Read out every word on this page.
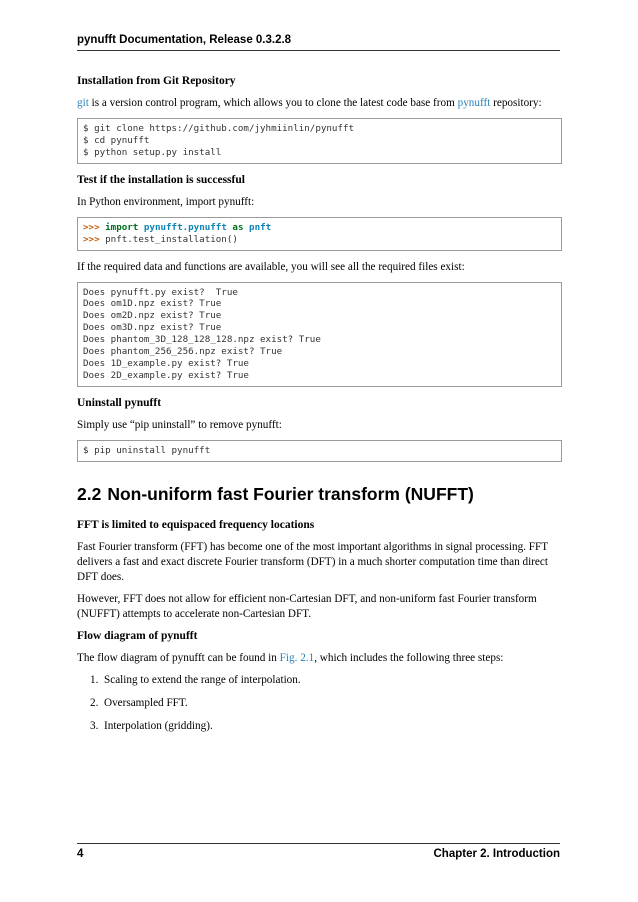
pynufft Documentation, Release 0.3.2.8
Installation from Git Repository

git is a version control program, which allows you to clone the latest code base from pynufft repository:

$ git clone https://github.com/jyhmiinlin/pynufft
$ cd pynufft
$ python setup.py install
Test if the installation is successful

In Python environment, import pynufft:

>>> import pynufft.pynufft as pnft
>>> pnft.test_installation()

If the required data and functions are available, you will see all the required files exist:

Does pynufft.py exist?  True
Does om1D.npz exist? True
Does om2D.npz exist? True
Does om3D.npz exist? True
Does phantom_3D_128_128_128.npz exist? True
Does phantom_256_256.npz exist? True
Does 1D_example.py exist? True
Does 2D_example.py exist? True
Uninstall pynufft

Simply use “pip uninstall” to remove pynufft:

$ pip uninstall pynufft
2.2 Non-uniform fast Fourier transform (NUFFT)
FFT is limited to equispaced frequency locations

Fast Fourier transform (FFT) has become one of the most important algorithms in signal processing. FFT delivers a fast and exact discrete Fourier transform (DFT) in a much shorter computation time than direct DFT does.

However, FFT does not allow for efficient non-Cartesian DFT, and non-uniform fast Fourier transform (NUFFT) attempts to accelerate non-Cartesian DFT.

Flow diagram of pynufft

The flow diagram of pynufft can be found in Fig. 2.1, which includes the following three steps:

1. Scaling to extend the range of interpolation.
2. Oversampled FFT.
3. Interpolation (gridding).
4	Chapter 2. Introduction
